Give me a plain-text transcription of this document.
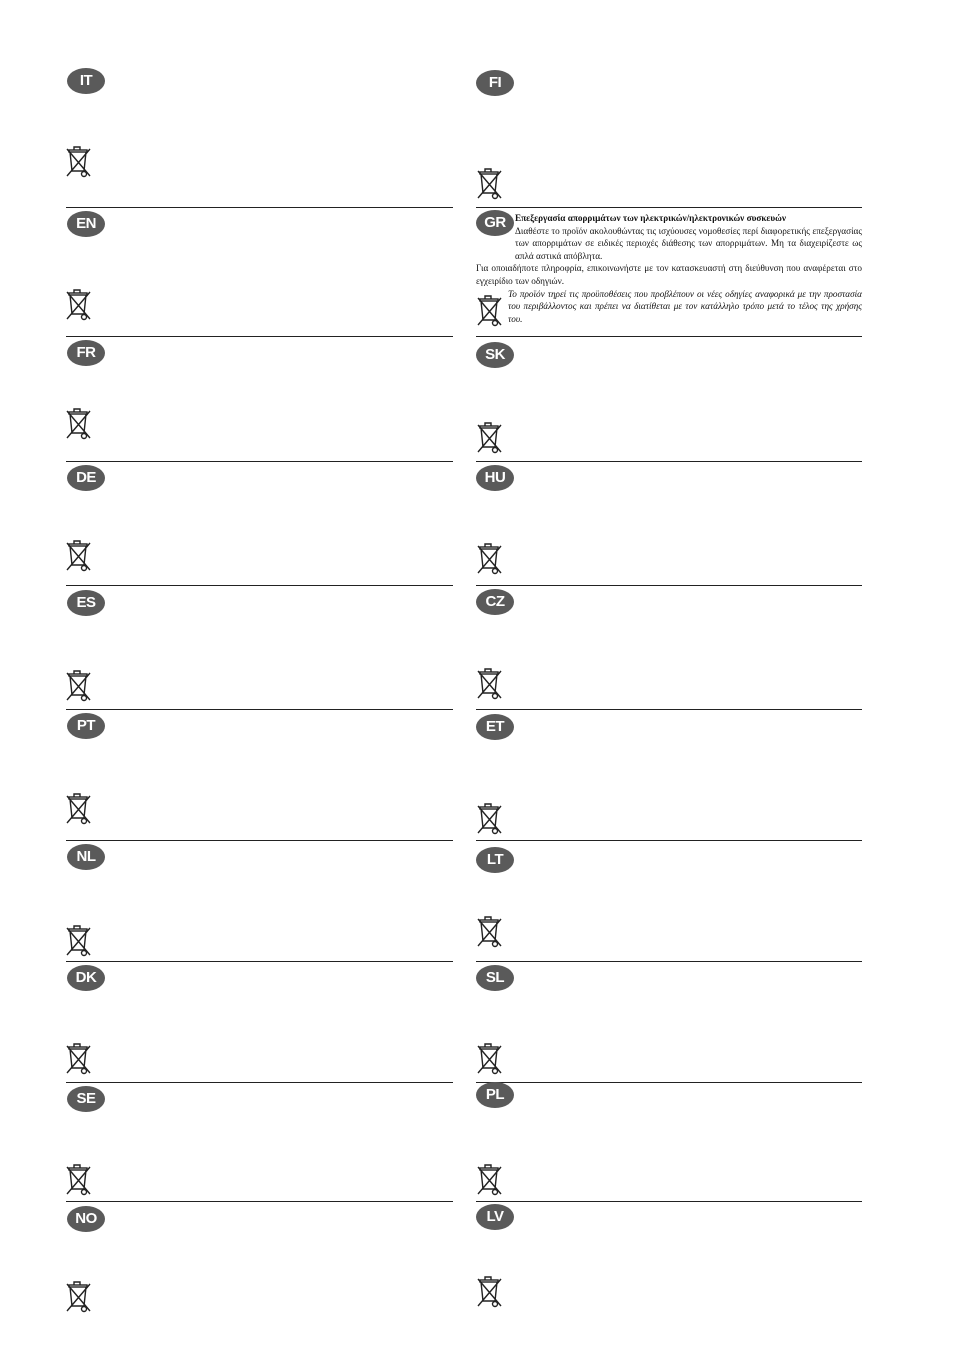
Επεξεργασία απορριμάτων των ηλεκτρικών/ηλεκτρονικών συσκευών
Διαθέστε το προϊόν ακολουθώντας τις ισχύουσες νομοθεσίες περί διαφορετικής επεξεργασίας των απορριμάτων σε ειδικές περιοχές διάθεσης των απορριμάτων. Μη τα διαχειρίζεστε ως απλά αστικά απόβλητα.
Για οποιαδήποτε πληροφρία, επικοινωνήστε με τον κατασκευαστή στη διεύθυνση που αναφέρεται στο εγχειρίδιο των οδηγιών.
Το προϊόν τηρεί τις προϋποθέσεις που προβλέπουν οι νέες οδηγίες αναφορικά με την προστασία του περιβάλλοντος και πρέπει να διατίθεται με τον κατάλληλο τρόπο μετά το τέλος της χρήσης του.
IT
EN
FR
DE
ES
PT
NL
DK
SE
NO
FI
GR
SK
HU
CZ
ET
LT
SL
PL
LV
